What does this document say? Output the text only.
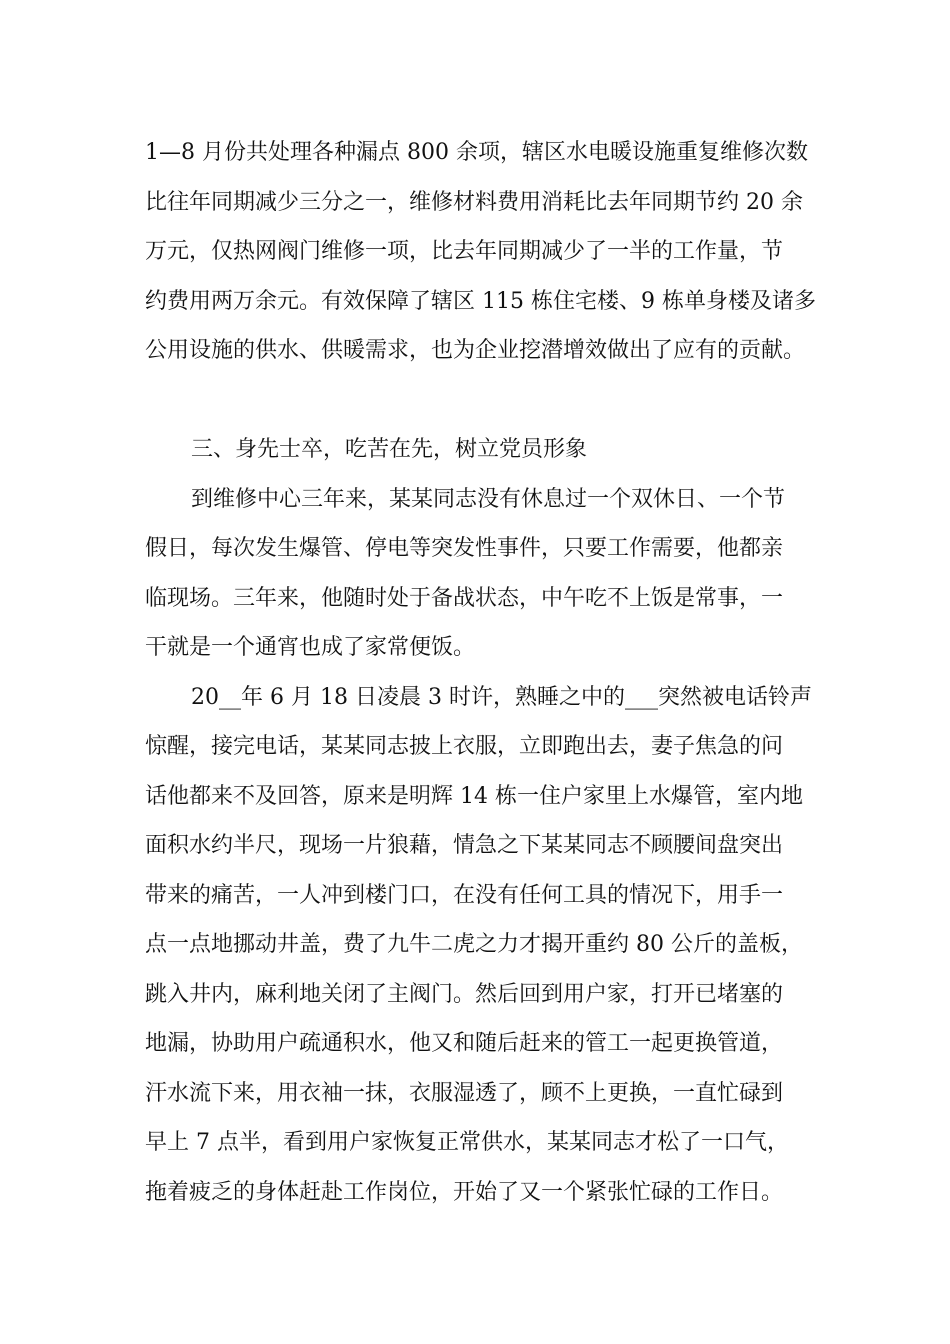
1—8 月份共处理各种漏点 800 余项，辖区水电暖设施重复维修次数
比往年同期减少三分之一，维修材料费用消耗比去年同期节约 20 余
万元，仅热网阀门维修一项，比去年同期减少了一半的工作量，节
约费用两万余元。有效保障了辖区 115 栋住宅楼、9 栋单身楼及诸多
公用设施的供水、供暖需求，也为企业挖潜增效做出了应有的贡献。
三、身先士卒，吃苦在先，树立党员形象
到维修中心三年来，某某同志没有休息过一个双休日、一个节
假日，每次发生爆管、停电等突发性事件，只要工作需要，他都亲
临现场。三年来，他随时处于备战状态，中午吃不上饭是常事，一
干就是一个通宵也成了家常便饭。
20__年 6 月 18 日凌晨 3 时许，熟睡之中的___突然被电话铃声
惊醒，接完电话，某某同志披上衣服，立即跑出去，妻子焦急的问
话他都来不及回答，原来是明辉 14 栋一住户家里上水爆管，室内地
面积水约半尺，现场一片狼藉，情急之下某某同志不顾腰间盘突出
带来的痛苦，一人冲到楼门口，在没有任何工具的情况下，用手一
点一点地挪动井盖，费了九牛二虎之力才揭开重约 80 公斤的盖板，
跳入井内，麻利地关闭了主阀门。然后回到用户家，打开已堵塞的
地漏，协助用户疏通积水，他又和随后赶来的管工一起更换管道，
汗水流下来，用衣袖一抹，衣服湿透了，顾不上更换，一直忙碌到
早上 7 点半，看到用户家恢复正常供水，某某同志才松了一口气，
拖着疲乏的身体赶赴工作岗位，开始了又一个紧张忙碌的工作日。
